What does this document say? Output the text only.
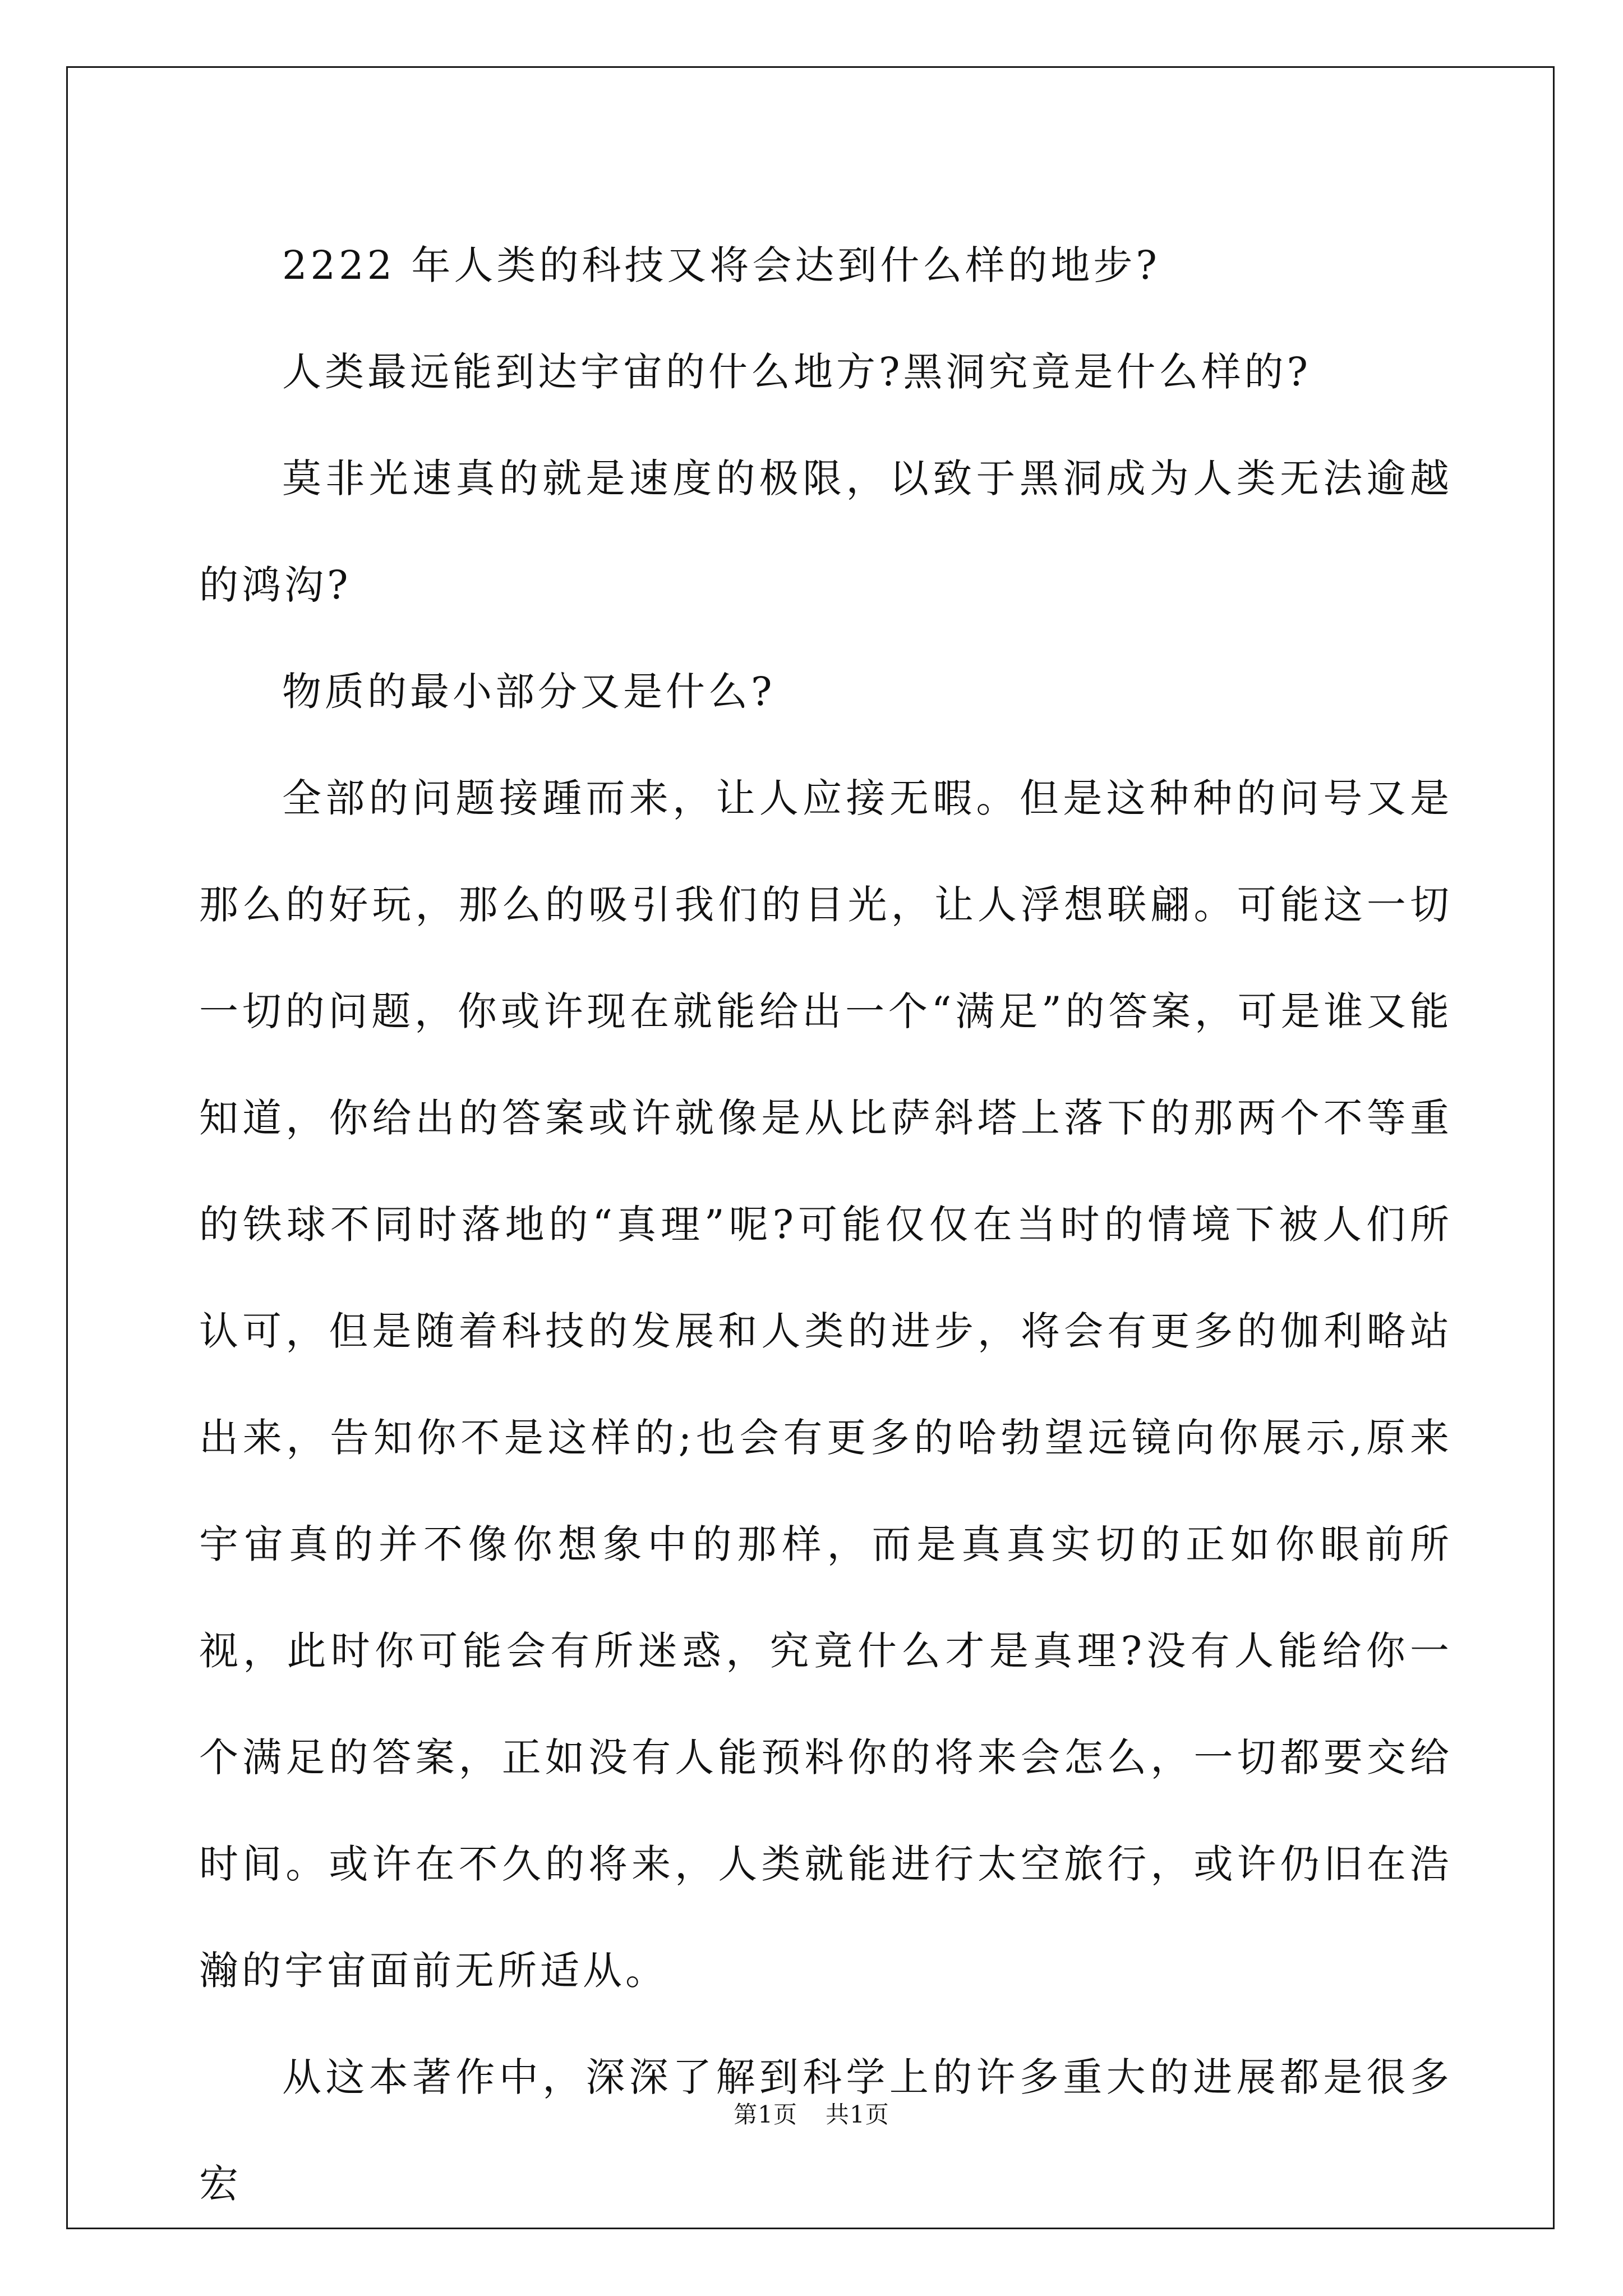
2222 年人类的科技又将会达到什么样的地步?

人类最远能到达宇宙的什么地方?黑洞究竟是什么样的?

莫非光速真的就是速度的极限，以致于黑洞成为人类无法逾越的鸿沟?

物质的最小部分又是什么?

全部的问题接踵而来，让人应接无暇。但是这种种的问号又是那么的好玩，那么的吸引我们的目光，让人浮想联翩。可能这一切一切的问题，你或许现在就能给出一个“满足”的答案，可是谁又能知道，你给出的答案或许就像是从比萨斜塔上落下的那两个不等重的铁球不同时落地的“真理”呢?可能仅仅在当时的情境下被人们所认可，但是随着科技的发展和人类的进步，将会有更多的伽利略站出来，告知你不是这样的;也会有更多的哈勃望远镜向你展示,原来宇宙真的并不像你想象中的那样，而是真真实切的正如你眼前所视，此时你可能会有所迷惑，究竟什么才是真理?没有人能给你一个满足的答案，正如没有人能预料你的将来会怎么，一切都要交给时间。或许在不久的将来，人类就能进行太空旅行，或许仍旧在浩瀚的宇宙面前无所适从。

从这本著作中，深深了解到科学上的许多重大的进展都是很多宏

第1页 共1页
